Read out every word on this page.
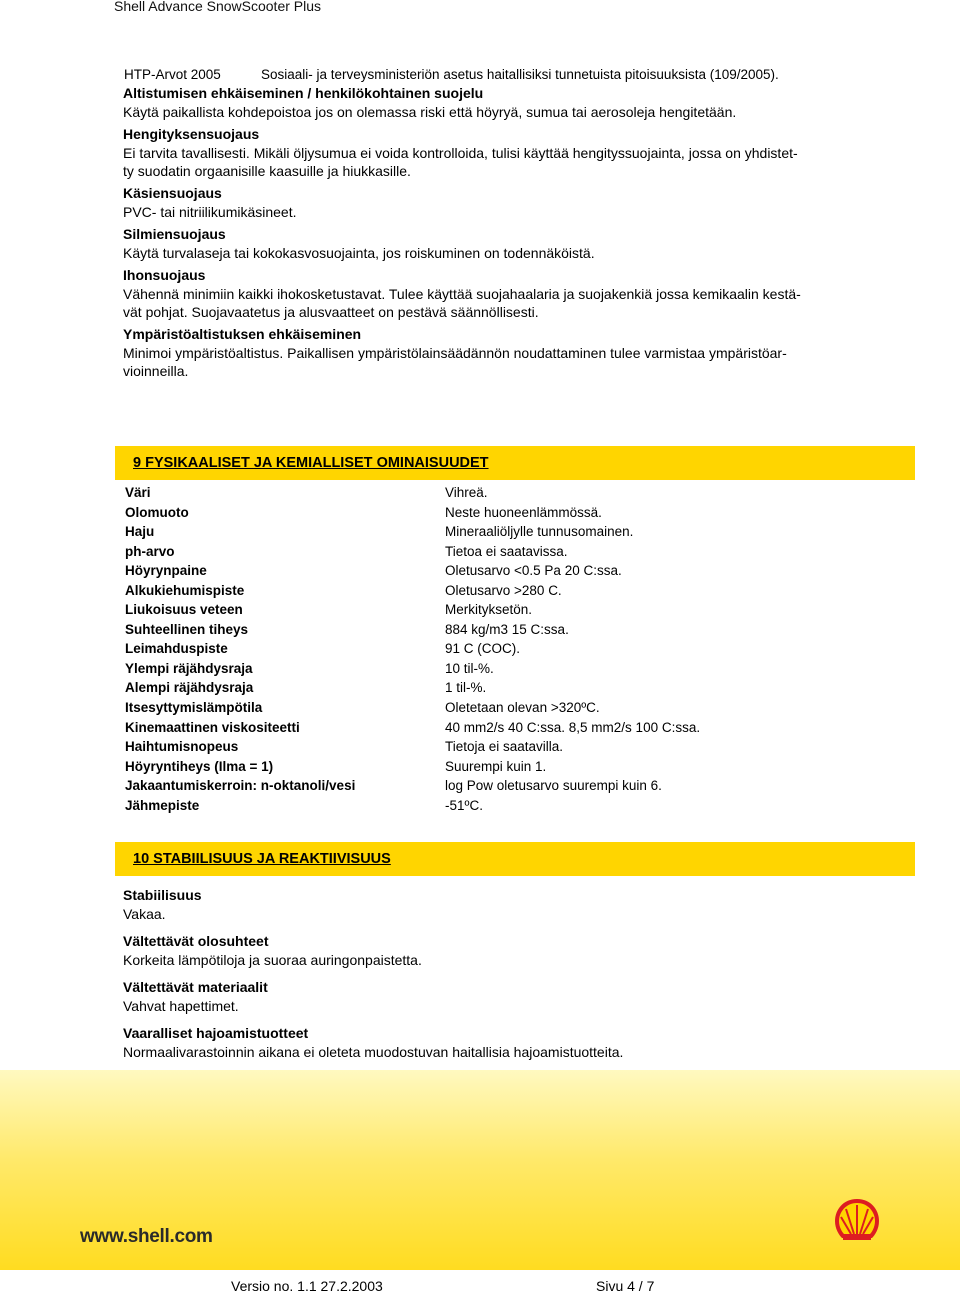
Shell Advance SnowScooter Plus
HTP-Arvot 2005	Sosiaali- ja terveysministeriön asetus haitallisiksi tunnetuista pitoisuuksista (109/2005).

Altistumisen ehkäiseminen / henkilökohtainen suojelu

Käytä paikallista kohdepoistoa jos on olemassa riski että höyryä, sumua tai aerosoleja hengitetään.

Hengityksensuojaus

Ei tarvita tavallisesti. Mikäli öljysumua ei voida kontrolloida, tulisi käyttää hengityssuojainta, jossa on yhdistet-

ty suodatin orgaanisille kaasuille ja hiukkasille.

Käsiensuojaus

PVC- tai nitriilikumikäsineet.

Silmiensuojaus

Käytä turvalaseja tai kokokasvosuojainta, jos roiskuminen on todennäköistä.

Ihonsuojaus

Vähennä minimiin kaikki ihokosketustavat. Tulee käyttää suojahaalaria ja suojakenkiä jossa kemikaalin kestä-

vät pohjat. Suojavaatetus ja alusvaatteet on pestävä säännöllisesti.

Ympäristöaltistuksen ehkäiseminen

Minimoi ympäristöaltistus. Paikallisen ympäristölainsäädännön noudattaminen tulee varmistaa ympäristöar-

vioinneilla.

9 FYSIKAALISET JA KEMIALLISET OMINAISUUDET
Väri	Vihreä.
Olomuoto	Neste huoneenlämmössä.
Haju	Mineraaliöljylle tunnusomainen.
ph-arvo	Tietoa ei saatavissa.
Höyrynpaine	Oletusarvo <0.5 Pa 20 C:ssa.
Alkukiehumispiste	Oletusarvo >280 C.
Liukoisuus veteen	Merkityksetön.
Suhteellinen tiheys	884 kg/m3 15 C:ssa.
Leimahduspiste	91 C (COC).
Ylempi räjähdysraja	10 til-%.
Alempi räjähdysraja	1 til-%.
Itsesyttymislämpötila	Oletetaan olevan >320ºC.
Kinemaattinen viskositeetti	40 mm2/s 40 C:ssa. 8,5 mm2/s 100 C:ssa.
Haihtumisnopeus	Tietoja ei saatavilla.
Höyryntiheys (Ilma = 1)	Suurempi kuin 1.
Jakaantumiskerroin: n-oktanoli/vesi	log Pow oletusarvo suurempi kuin 6.
Jähmepiste	-51ºC.
10 STABIILISUUS JA REAKTIIVISUUS

Stabiilisuus

Vakaa.

Vältettävät olosuhteet

Korkeita lämpötiloja ja suoraa auringonpaistetta.

Vältettävät materiaalit

Vahvat hapettimet.

Vaaralliset hajoamistuotteet

Normaalivarastoinnin aikana ei oleteta muodostuvan haitallisia hajoamistuotteita.

www.shell.com
Versio no. 1.1 27.2.2003	Sivu 4 / 7
